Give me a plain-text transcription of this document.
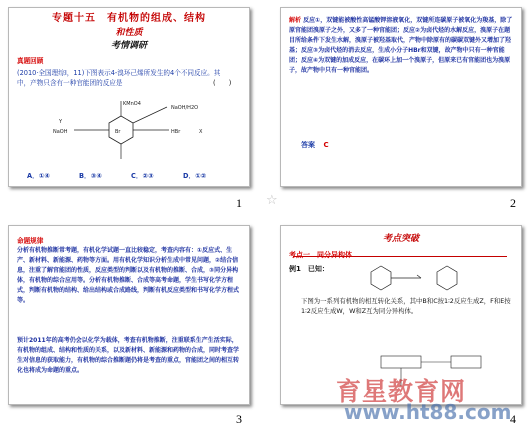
专题十五　有机物的组成、结构
和性质
考情调研
真题回顾
(2010·全国理综Ⅰ，11)下图表示4-溴环己烯所发生的4个不同反应。其中，产物只含有一种官能团的反应是	(　　)
KMnO4
NaOH/H2O
HBr
NaOH	Br	X
Y
A．①④	B．③④	C．②③	D．①②
1
解析 反应①，双键能被酸性高锰酸钾溶液氧化，双键所连碳原子被氧化为羧基，除了原官能团溴原子之外，又多了一种官能团；反应②为卤代烃的水解反应，溴原子在题目所给条件下发生水解，溴原子被羟基取代，产物中除原有的碳碳双键外又增加了羟基；反应③为卤代烃的消去反应，生成小分子HBr和双键，故产物中只有一种官能团；反应④为双键的加成反应，在碳环上加一个溴原子，但原来已有官能团也为溴原子，故产物中只有一种官能团。
答案 C
2
☆
命题规律
分析有机物推断常考题，有机化学试题一直比较稳定，考查内容有：①反应式、生产、新材料、新能源、药物等方面。用有机化学知识分析生成中常见问题，②结合信息，注重了解官能团的性质，反应类型的判断以及有机物的推断、合成，③同分异构体，有机物的综合应用等。分析有机物推断、合成等高考命题，学生书写化学方程式，判断有机物的结构、给出结构或合成路线，判断有机反应类型和书写化学方程式等。
预计2011年的高考仍会以化学为载体，考查有机物推断，注重联系生产生活实际，有机物的组成、结构和性质的关系，以及新材料、新能源和药物的合成，同时考查学生对信息的获取能力，有机物的综合推断题仍将是考查的重点，官能团之间的相互转化也将成为命题的重点。
3
考点突破
考点一　同分异构体
例1　已知：
下图为一系列有机物的相互转化关系，其中B和C按1∶2反应生成Z，F和E按1∶2反应生成W，W和Z互为同分异构体。
4
育星教育网
www.ht88.com
